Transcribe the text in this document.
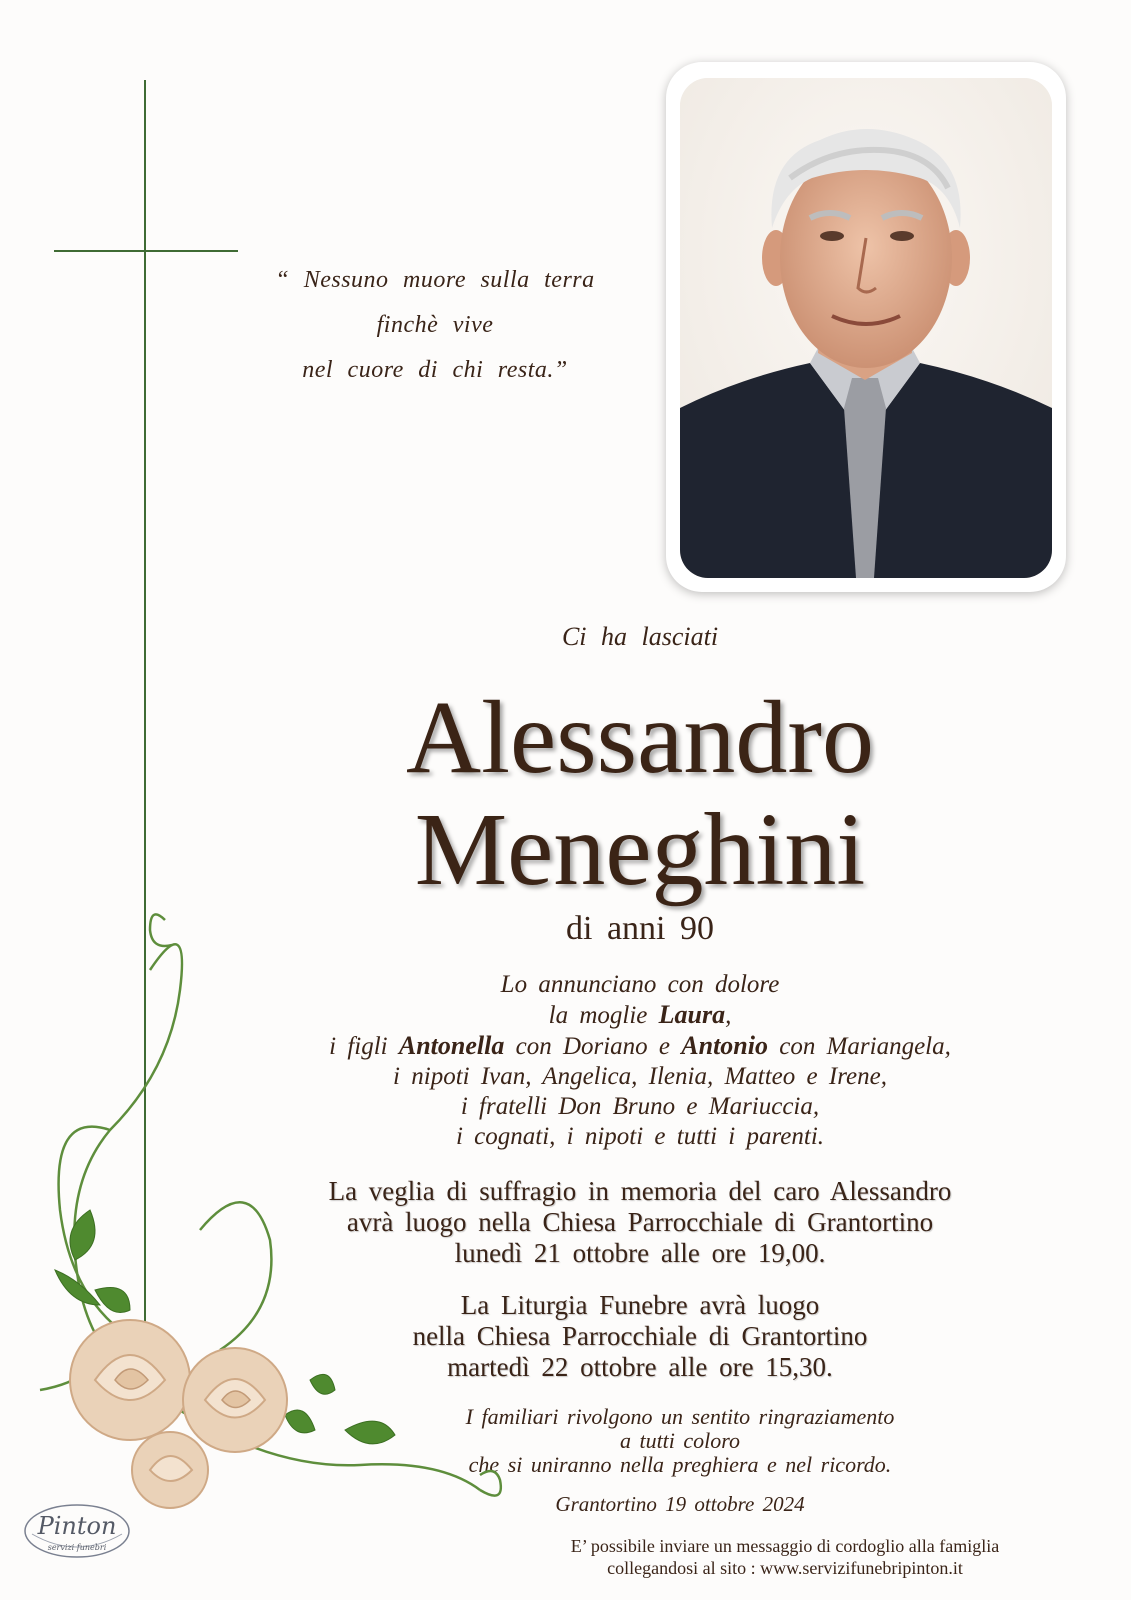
“ Nessuno muore sulla terra
finchè vive
nel cuore di chi resta.”
Ci ha lasciati
Alessandro
Meneghini
di anni 90
Lo annunciano con dolore
la moglie Laura,
i figli Antonella con Doriano e Antonio con Mariangela,
i nipoti Ivan, Angelica, Ilenia, Matteo e Irene,
i fratelli Don Bruno e Mariuccia,
i cognati, i nipoti e tutti i parenti.
La veglia di suffragio in memoria del caro Alessandro
avrà luogo nella Chiesa Parrocchiale di Grantortino
lunedì 21 ottobre alle ore 19,00.
La Liturgia Funebre avrà luogo
nella Chiesa Parrocchiale di Grantortino
martedì 22 ottobre alle ore 15,30.
I familiari rivolgono un sentito ringraziamento
a tutti coloro
che si uniranno nella preghiera e nel ricordo.
Grantortino 19 ottobre 2024
E’ possibile inviare un messaggio di cordoglio alla famiglia
collegandosi al sito : www.servizifunebripinton.it
Pinton
servizi funebri
